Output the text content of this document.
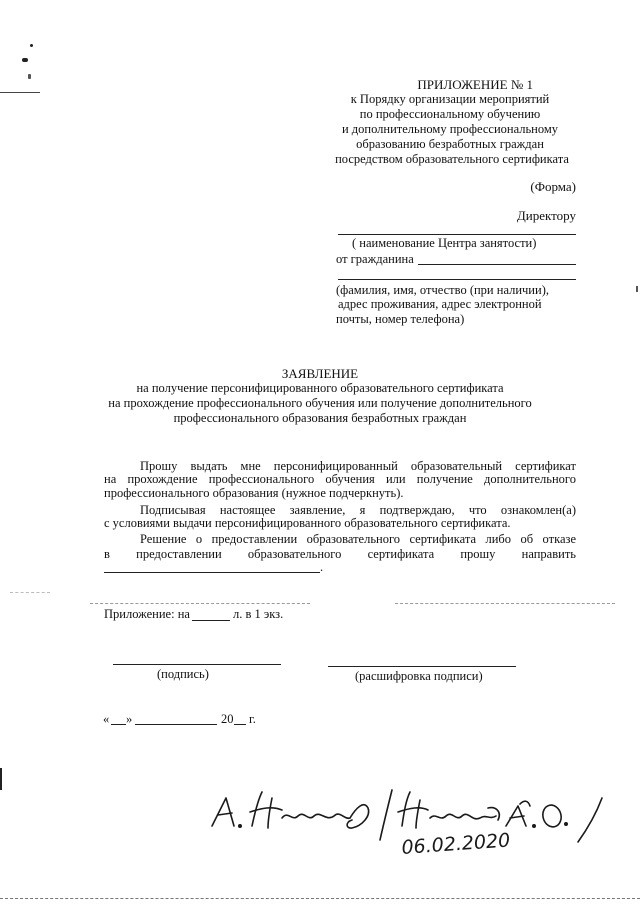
ПРИЛОЖЕНИЕ № 1
к Порядку организации мероприятий
по профессиональному обучению
и дополнительному профессиональному
образованию безработных граждан
посредством образовательного сертификата
(Форма)
Директору
( наименование Центра занятости)
от гражданина
(фамилия, имя, отчество (при наличии),
адрес проживания, адрес электронной
почты, номер телефона)
ЗАЯВЛЕНИЕ
на получение персонифицированного образовательного сертификата
на прохождение профессионального обучения или получение дополнительного
профессионального образования безработных граждан
Прошу выдать мне персонифицированный образовательный сертификат
на прохождение профессионального обучения или получение дополнительного
профессионального образования (нужное подчеркнуть).
Подписывая настоящее заявление, я подтверждаю, что ознакомлен(а)
с условиями выдачи персонифицированного образовательного сертификата.
Решение о предоставлении образовательного сертификата либо об отказе
в предоставлении образовательного сертификата прошу направить
.
Приложение: на	л. в 1 экз.
(подпись)	(расшифровка подписи)
« »	20 г.
06.02.2020
